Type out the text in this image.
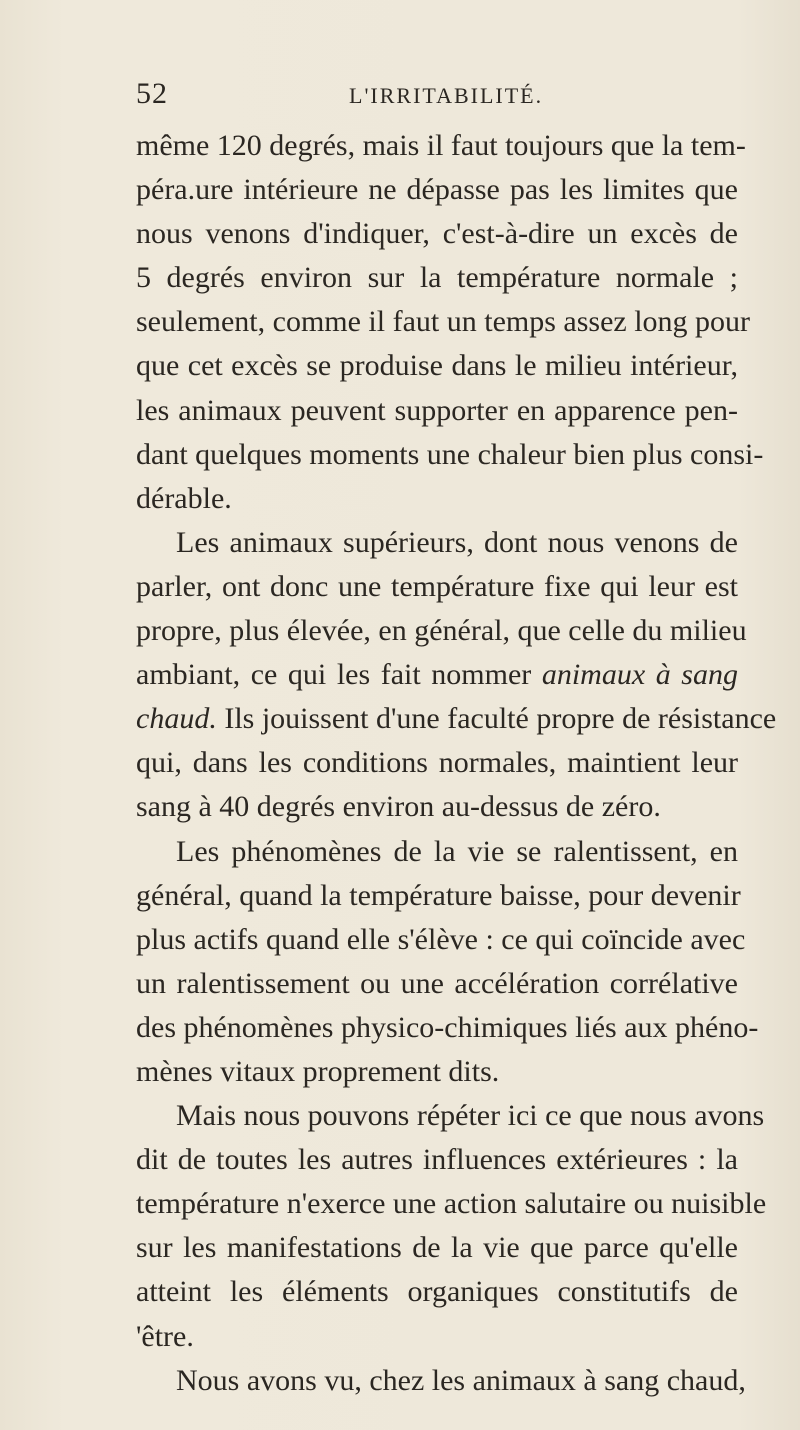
52	L'IRRITABILITÉ.
même 120 degrés, mais il faut toujours que la tem-
péra.ure intérieure ne dépasse pas les limites que
nous venons d'indiquer, c'est-à-dire un excès de
5 degrés environ sur la température normale ;
seulement, comme il faut un temps assez long pour
que cet excès se produise dans le milieu intérieur,
les animaux peuvent supporter en apparence pen-
dant quelques moments une chaleur bien plus consi-
dérable.
Les animaux supérieurs, dont nous venons de
parler, ont donc une température fixe qui leur est
propre, plus élevée, en général, que celle du milieu
ambiant, ce qui les fait nommer animaux à sang
chaud. Ils jouissent d'une faculté propre de résistance
qui, dans les conditions normales, maintient leur
sang à 40 degrés environ au-dessus de zéro.
Les phénomènes de la vie se ralentissent, en
général, quand la température baisse, pour devenir
plus actifs quand elle s'élève : ce qui coïncide avec
un ralentissement ou une accélération corrélative
des phénomènes physico-chimiques liés aux phéno-
mènes vitaux proprement dits.
Mais nous pouvons répéter ici ce que nous avons
dit de toutes les autres influences extérieures : la
température n'exerce une action salutaire ou nuisible
sur les manifestations de la vie que parce qu'elle
atteint les éléments organiques constitutifs de
'être.
Nous avons vu, chez les animaux à sang chaud,
